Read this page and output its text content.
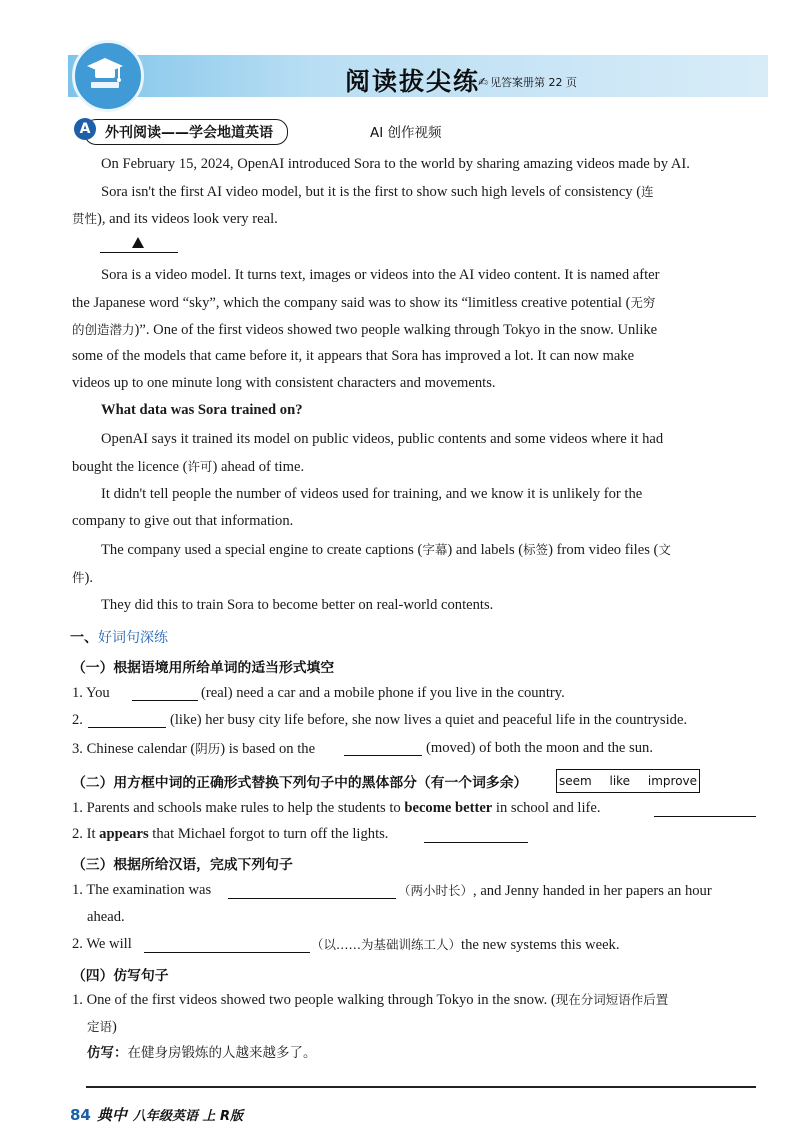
阅读拔尖练
✍ 见答案册第 22 页
外刊阅读——学会地道英语
A	AI 创作视频
On February 15, 2024, OpenAI introduced Sora to the world by sharing amazing videos made by AI.
Sora isn't the first AI video model, but it is the first to show such high levels of consistency (连
贯性), and its videos look very real.
Sora is a video model. It turns text, images or videos into the AI video content. It is named after
the Japanese word “sky”, which the company said was to show its “limitless creative potential (无穷
的创造潜力)”. One of the first videos showed two people walking through Tokyo in the snow. Unlike
some of the models that came before it, it appears that Sora has improved a lot. It can now make
videos up to one minute long with consistent characters and movements.
What data was Sora trained on?
OpenAI says it trained its model on public videos, public contents and some videos where it had
bought the licence (许可) ahead of time.
It didn't tell people the number of videos used for training, and we know it is unlikely for the
company to give out that information.
The company used a special engine to create captions (字幕) and labels (标签) from video files (文
件).
They did this to train Sora to become better on real-world contents.
一、好词句深练
（一）根据语境用所给单词的适当形式填空
1. You	(real) need a car and a mobile phone if you live in the country.
2.	(like) her busy city life before, she now lives a quiet and peaceful life in the countryside.
3. Chinese calendar (阴历) is based on the	(moved) of both the moon and the sun.
（二）用方框中词的正确形式替换下列句子中的黑体部分（有一个词多余）	seem like improve
1. Parents and schools make rules to help the students to become better in school and life.
2. It appears that Michael forgot to turn off the lights.
（三）根据所给汉语，完成下列句子
1. The examination was	（两小时长）, and Jenny handed in her papers an hour
ahead.
2. We will	（以……为基础训练工人）the new systems this week.
（四）仿写句子
1. One of the first videos showed two people walking through Tokyo in the snow. (现在分词短语作后置
定语)
仿写：在健身房锻炼的人越来越多了。
84 典中 八年级英语 上 R版
